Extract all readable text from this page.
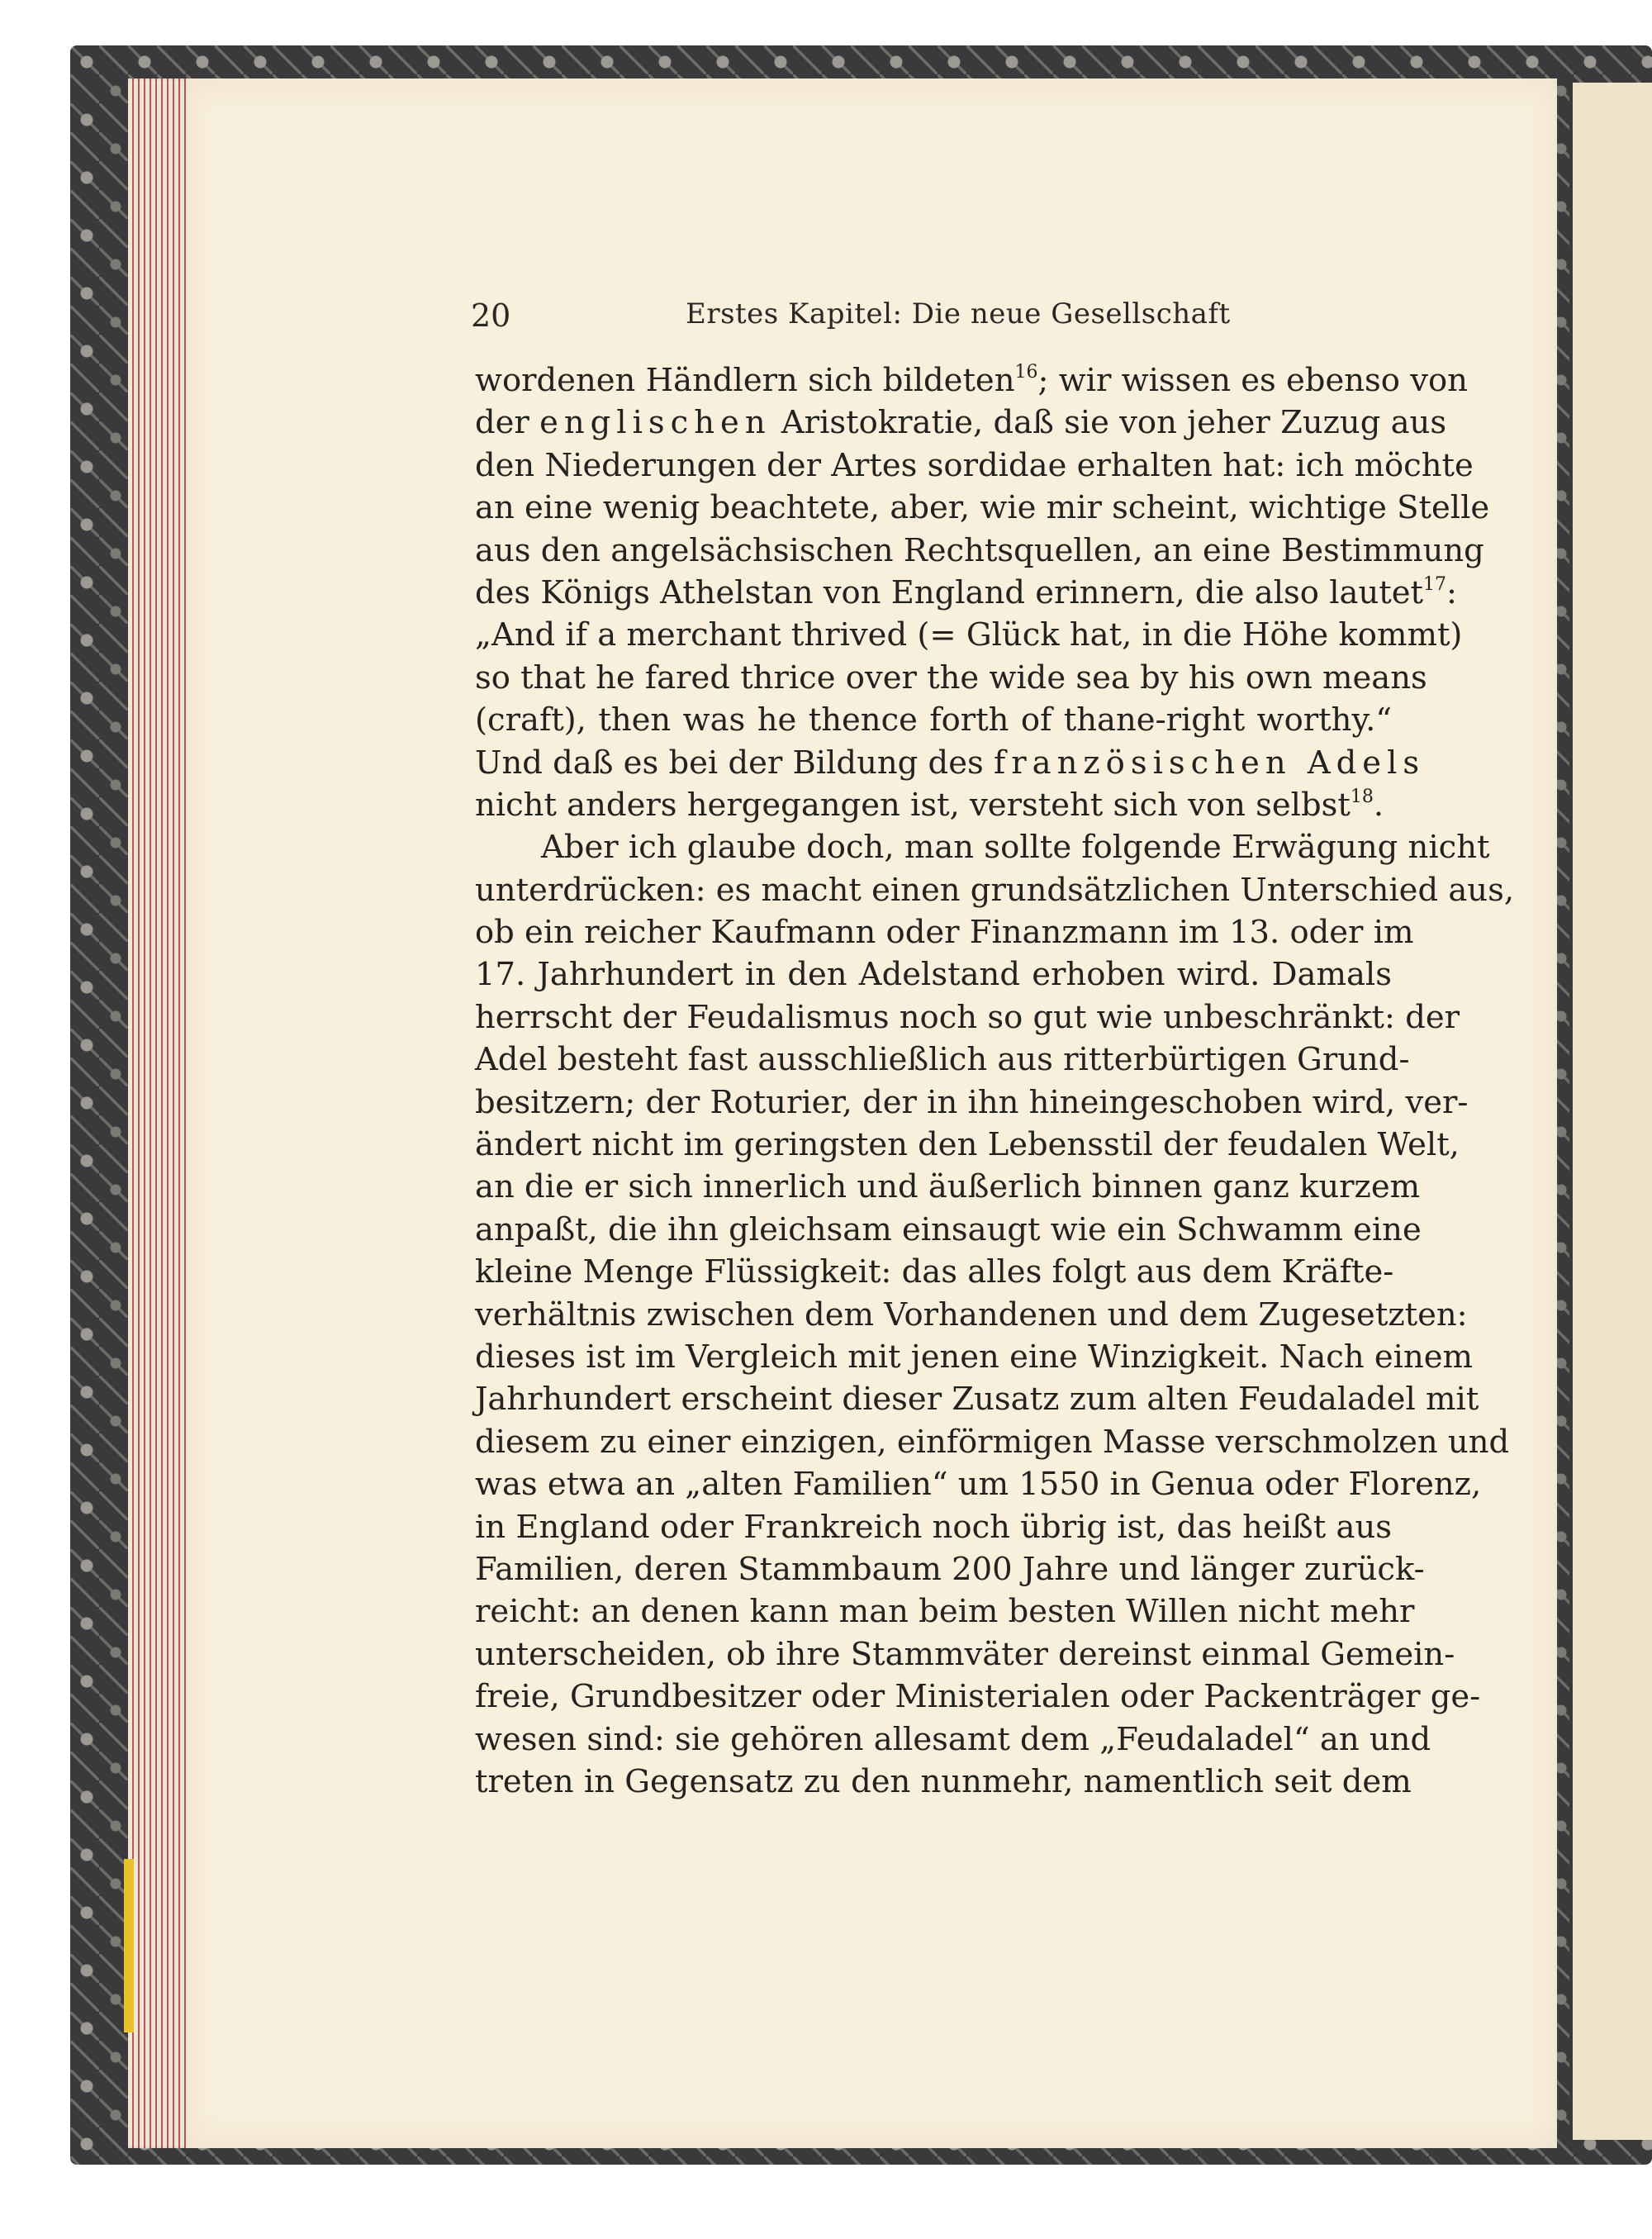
20	Erstes Kapitel: Die neue Gesellschaft
wordenen Händlern sich bildeten$^{16}$; wir wissen es ebenso von
der englischen Aristokratie, daß sie von jeher Zuzug aus
den Niederungen der Artes sordidae erhalten hat: ich möchte
an eine wenig beachtete, aber, wie mir scheint, wichtige Stelle
aus den angelsächsischen Rechtsquellen, an eine Bestimmung
des Königs Athelstan von England erinnern, die also lautet$^{17}$:
„And if a merchant thrived (= Glück hat, in die Höhe kommt)
so that he fared thrice over the wide sea by his own means
(craft), then was he thence forth of thane-right worthy.“
Und daß es bei der Bildung des französischen Adels
nicht anders hergegangen ist, versteht sich von selbst$^{18}$.
Aber ich glaube doch, man sollte folgende Erwägung nicht
unterdrücken: es macht einen grundsätzlichen Unterschied aus,
ob ein reicher Kaufmann oder Finanzmann im 13. oder im
17. Jahrhundert in den Adelstand erhoben wird. Damals
herrscht der Feudalismus noch so gut wie unbeschränkt: der
Adel besteht fast ausschließlich aus ritterbürtigen Grund-
besitzern; der Roturier, der in ihn hineingeschoben wird, ver-
ändert nicht im geringsten den Lebensstil der feudalen Welt,
an die er sich innerlich und äußerlich binnen ganz kurzem
anpaßt, die ihn gleichsam einsaugt wie ein Schwamm eine
kleine Menge Flüssigkeit: das alles folgt aus dem Kräfte-
verhältnis zwischen dem Vorhandenen und dem Zugesetzten:
dieses ist im Vergleich mit jenen eine Winzigkeit. Nach einem
Jahrhundert erscheint dieser Zusatz zum alten Feudaladel mit
diesem zu einer einzigen, einförmigen Masse verschmolzen und
was etwa an „alten Familien“ um 1550 in Genua oder Florenz,
in England oder Frankreich noch übrig ist, das heißt aus
Familien, deren Stammbaum 200 Jahre und länger zurück-
reicht: an denen kann man beim besten Willen nicht mehr
unterscheiden, ob ihre Stammväter dereinst einmal Gemein-
freie, Grundbesitzer oder Ministerialen oder Packenträger ge-
wesen sind: sie gehören allesamt dem „Feudaladel“ an und
treten in Gegensatz zu den nunmehr, namentlich seit dem
